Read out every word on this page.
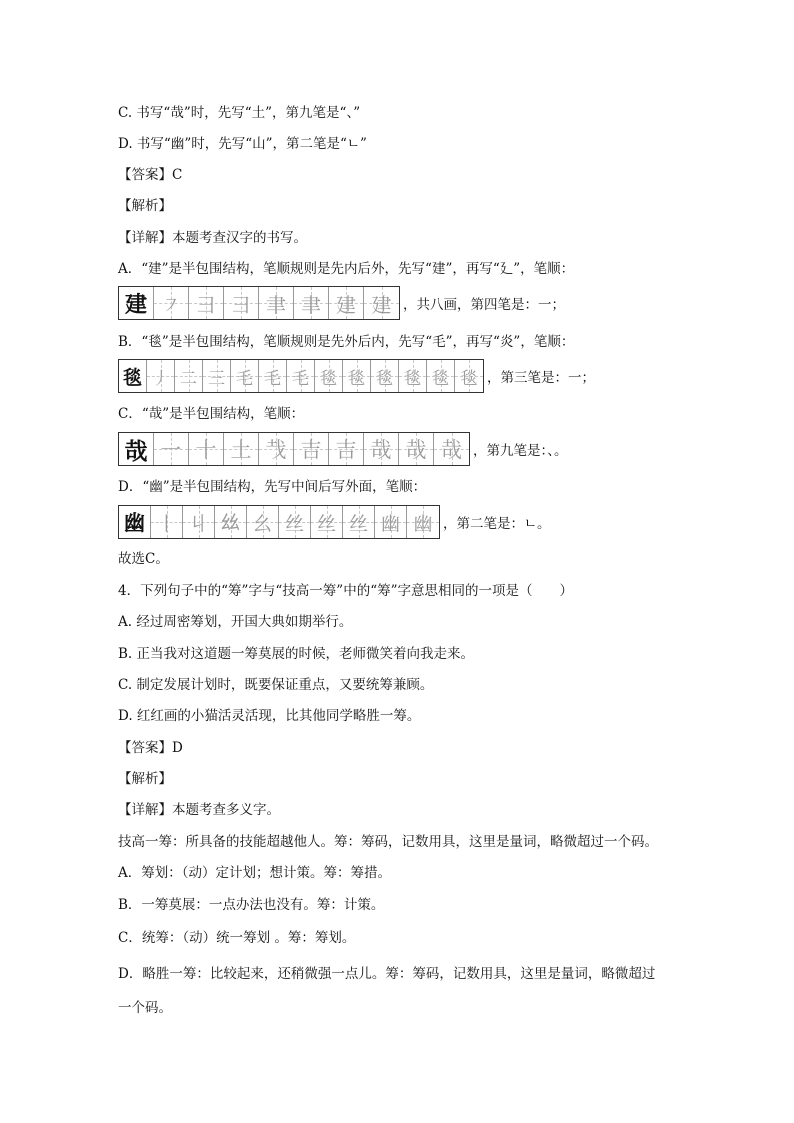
C. 书写“哉”时，先写“土”，第九笔是“、”
D. 书写“幽”时，先写“山”，第二笔是“ㄴ”
【答案】C
【解析】
【详解】本题考查汉字的书写。
A．“建”是半包围结构，笔顺规则是先内后外，先写“建”，再写“廴”，笔顺：
建 ㇇ ⺕ ⺕ 聿 聿 建 建 ，共八画，第四笔是：一；
B．“毯”是半包围结构，笔顺规则是先外后内，先写“毛”，再写“炎”，笔顺：
毯 丿 二 三 毛 毛 毛 毯 毯 毯 毯 毯 毯 ，第三笔是：一；
C．“哉”是半包围结构，笔顺：
哉 一 十 土 𢦏 吉 吉 哉 哉 哉 ，第九笔是：、。
D．“幽”是半包围结构，先写中间后写外面，笔顺：
幽 丨 丩 𢆶 幺 丝 丝 丝 幽 幽 ，第二笔是：ㄴ。
故选C。
4．下列句子中的“筹”字与“技高一筹”中的“筹”字意思相同的一项是（　　）
A. 经过周密筹划，开国大典如期举行。
B. 正当我对这道题一筹莫展的时候，老师微笑着向我走来。
C. 制定发展计划时，既要保证重点，又要统筹兼顾。
D. 红红画的小猫活灵活现，比其他同学略胜一筹。
【答案】D
【解析】
【详解】本题考查多义字。
技高一筹：所具备的技能超越他人。筹：筹码，记数用具，这里是量词，略微超过一个码。
A．筹划：（动）定计划；想计策。筹：筹措。
B．一筹莫展：一点办法也没有。筹：计策。
C．统筹：（动）统一筹划 。筹：筹划。
D．略胜一筹：比较起来，还稍微强一点儿。筹：筹码，记数用具，这里是量词，略微超过
一个码。
